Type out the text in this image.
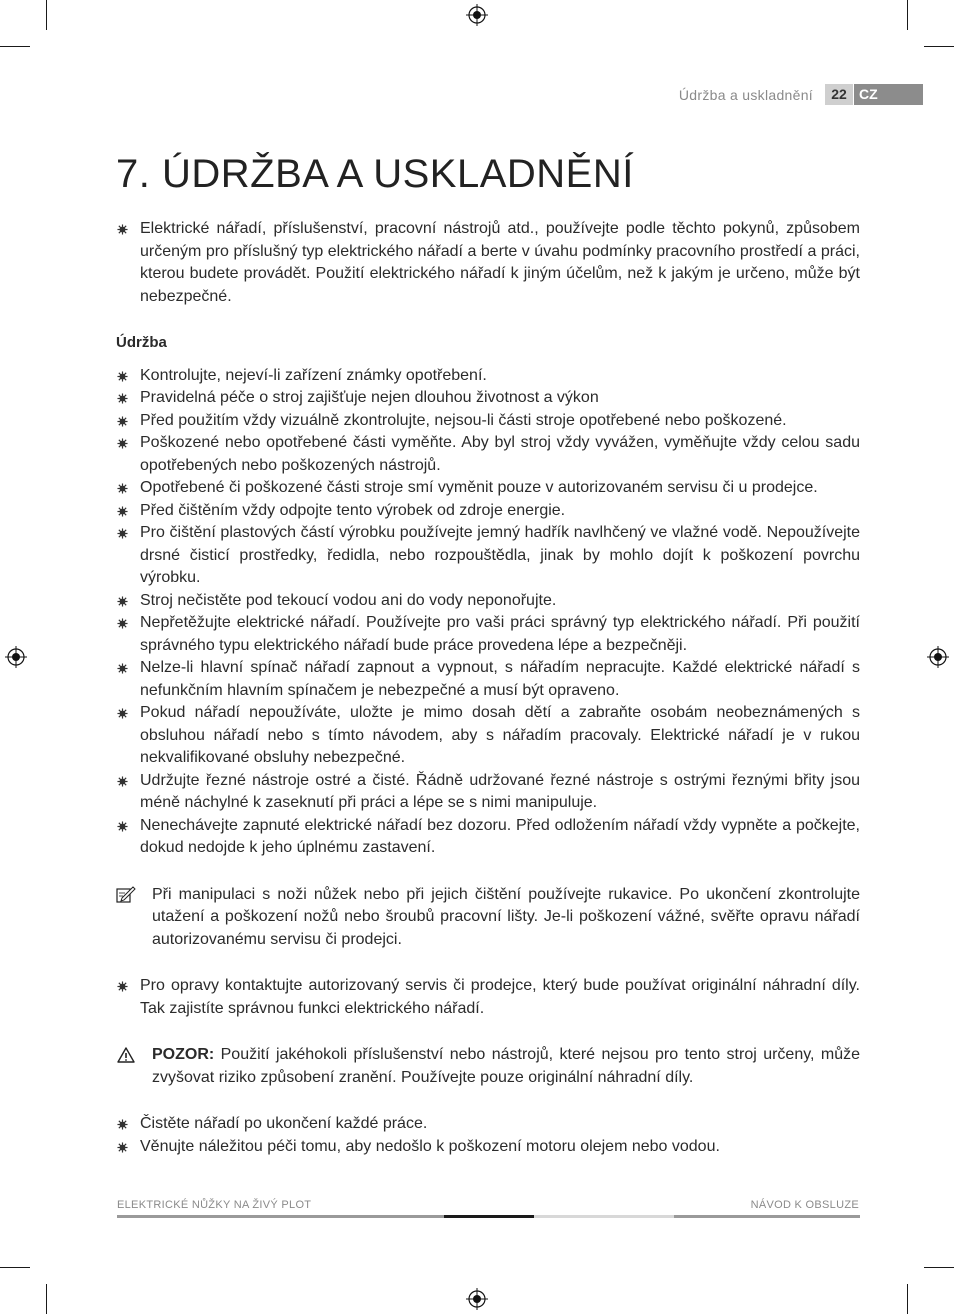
Údržba a uskladnění	22 CZ
7. ÚDRŽBA A USKLADNĚNÍ
Elektrické nářadí, příslušenství, pracovní nástrojů atd., používejte podle těchto pokynů, způsobem určeným pro příslušný typ elektrického nářadí a berte v úvahu podmínky pracovního prostředí a práci, kterou budete provádět. Použití elektrického nářadí k jiným účelům, než k jakým je určeno, může být nebezpečné.
Údržba
Kontrolujte, nejeví-li zařízení známky opotřebení.
Pravidelná péče o stroj zajišťuje nejen dlouhou životnost a výkon
Před použitím vždy vizuálně zkontrolujte, nejsou-li části stroje opotřebené nebo poškozené.
Poškozené nebo opotřebené části vyměňte. Aby byl stroj vždy vyvážen, vyměňujte vždy celou sadu opotřebených nebo poškozených nástrojů.
Opotřebené či poškozené části stroje smí vyměnit pouze v autorizovaném servisu či u prodejce.
Před čištěním vždy odpojte tento výrobek od zdroje energie.
Pro čištění plastových částí výrobku používejte jemný hadřík navlhčený ve vlažné vodě. Nepoužívejte drsné čisticí prostředky, ředidla, nebo rozpouštědla, jinak by mohlo dojít k poškození povrchu výrobku.
Stroj nečistěte pod tekoucí vodou ani do vody neponořujte.
Nepřetěžujte elektrické nářadí. Používejte pro vaši práci správný typ elektrického nářadí. Při použití správného typu elektrického nářadí bude práce provedena lépe a bezpečněji.
Nelze-li hlavní spínač nářadí zapnout a vypnout, s nářadím nepracujte. Každé elektrické nářadí s nefunkčním hlavním spínačem je nebezpečné a musí být opraveno.
Pokud nářadí nepoužíváte, uložte je mimo dosah dětí a zabraňte osobám neobeznámených s obsluhou nářadí nebo s tímto návodem, aby s nářadím pracovaly. Elektrické nářadí je v rukou nekvalifikované obsluhy nebezpečné.
Udržujte řezné nástroje ostré a čisté. Řádně udržované řezné nástroje s ostrými řeznými břity jsou méně náchylné k zaseknutí při práci a lépe se s nimi manipuluje.
Nenechávejte zapnuté elektrické nářadí bez dozoru. Před odložením nářadí vždy vypněte a počkejte, dokud nedojde k jeho úplnému zastavení.
Při manipulaci s noži nůžek nebo při jejich čištění používejte rukavice. Po ukončení zkontrolujte utažení a poškození nožů nebo šroubů pracovní lišty. Je-li poškození vážné, svěřte opravu nářadí autorizovanému servisu či prodejci.
Pro opravy kontaktujte autorizovaný servis či prodejce, který bude používat originální náhradní díly. Tak zajistíte správnou funkci elektrického nářadí.
POZOR: Použití jakéhokoli příslušenství nebo nástrojů, které nejsou pro tento stroj určeny, může zvyšovat riziko způsobení zranění. Používejte pouze originální náhradní díly.
Čistěte nářadí po ukončení každé práce.
Věnujte náležitou péči tomu, aby nedošlo k poškození motoru olejem nebo vodou.
ELEKTRICKÉ NŮŽKY NA ŽIVÝ PLOT	NÁVOD K OBSLUZE
